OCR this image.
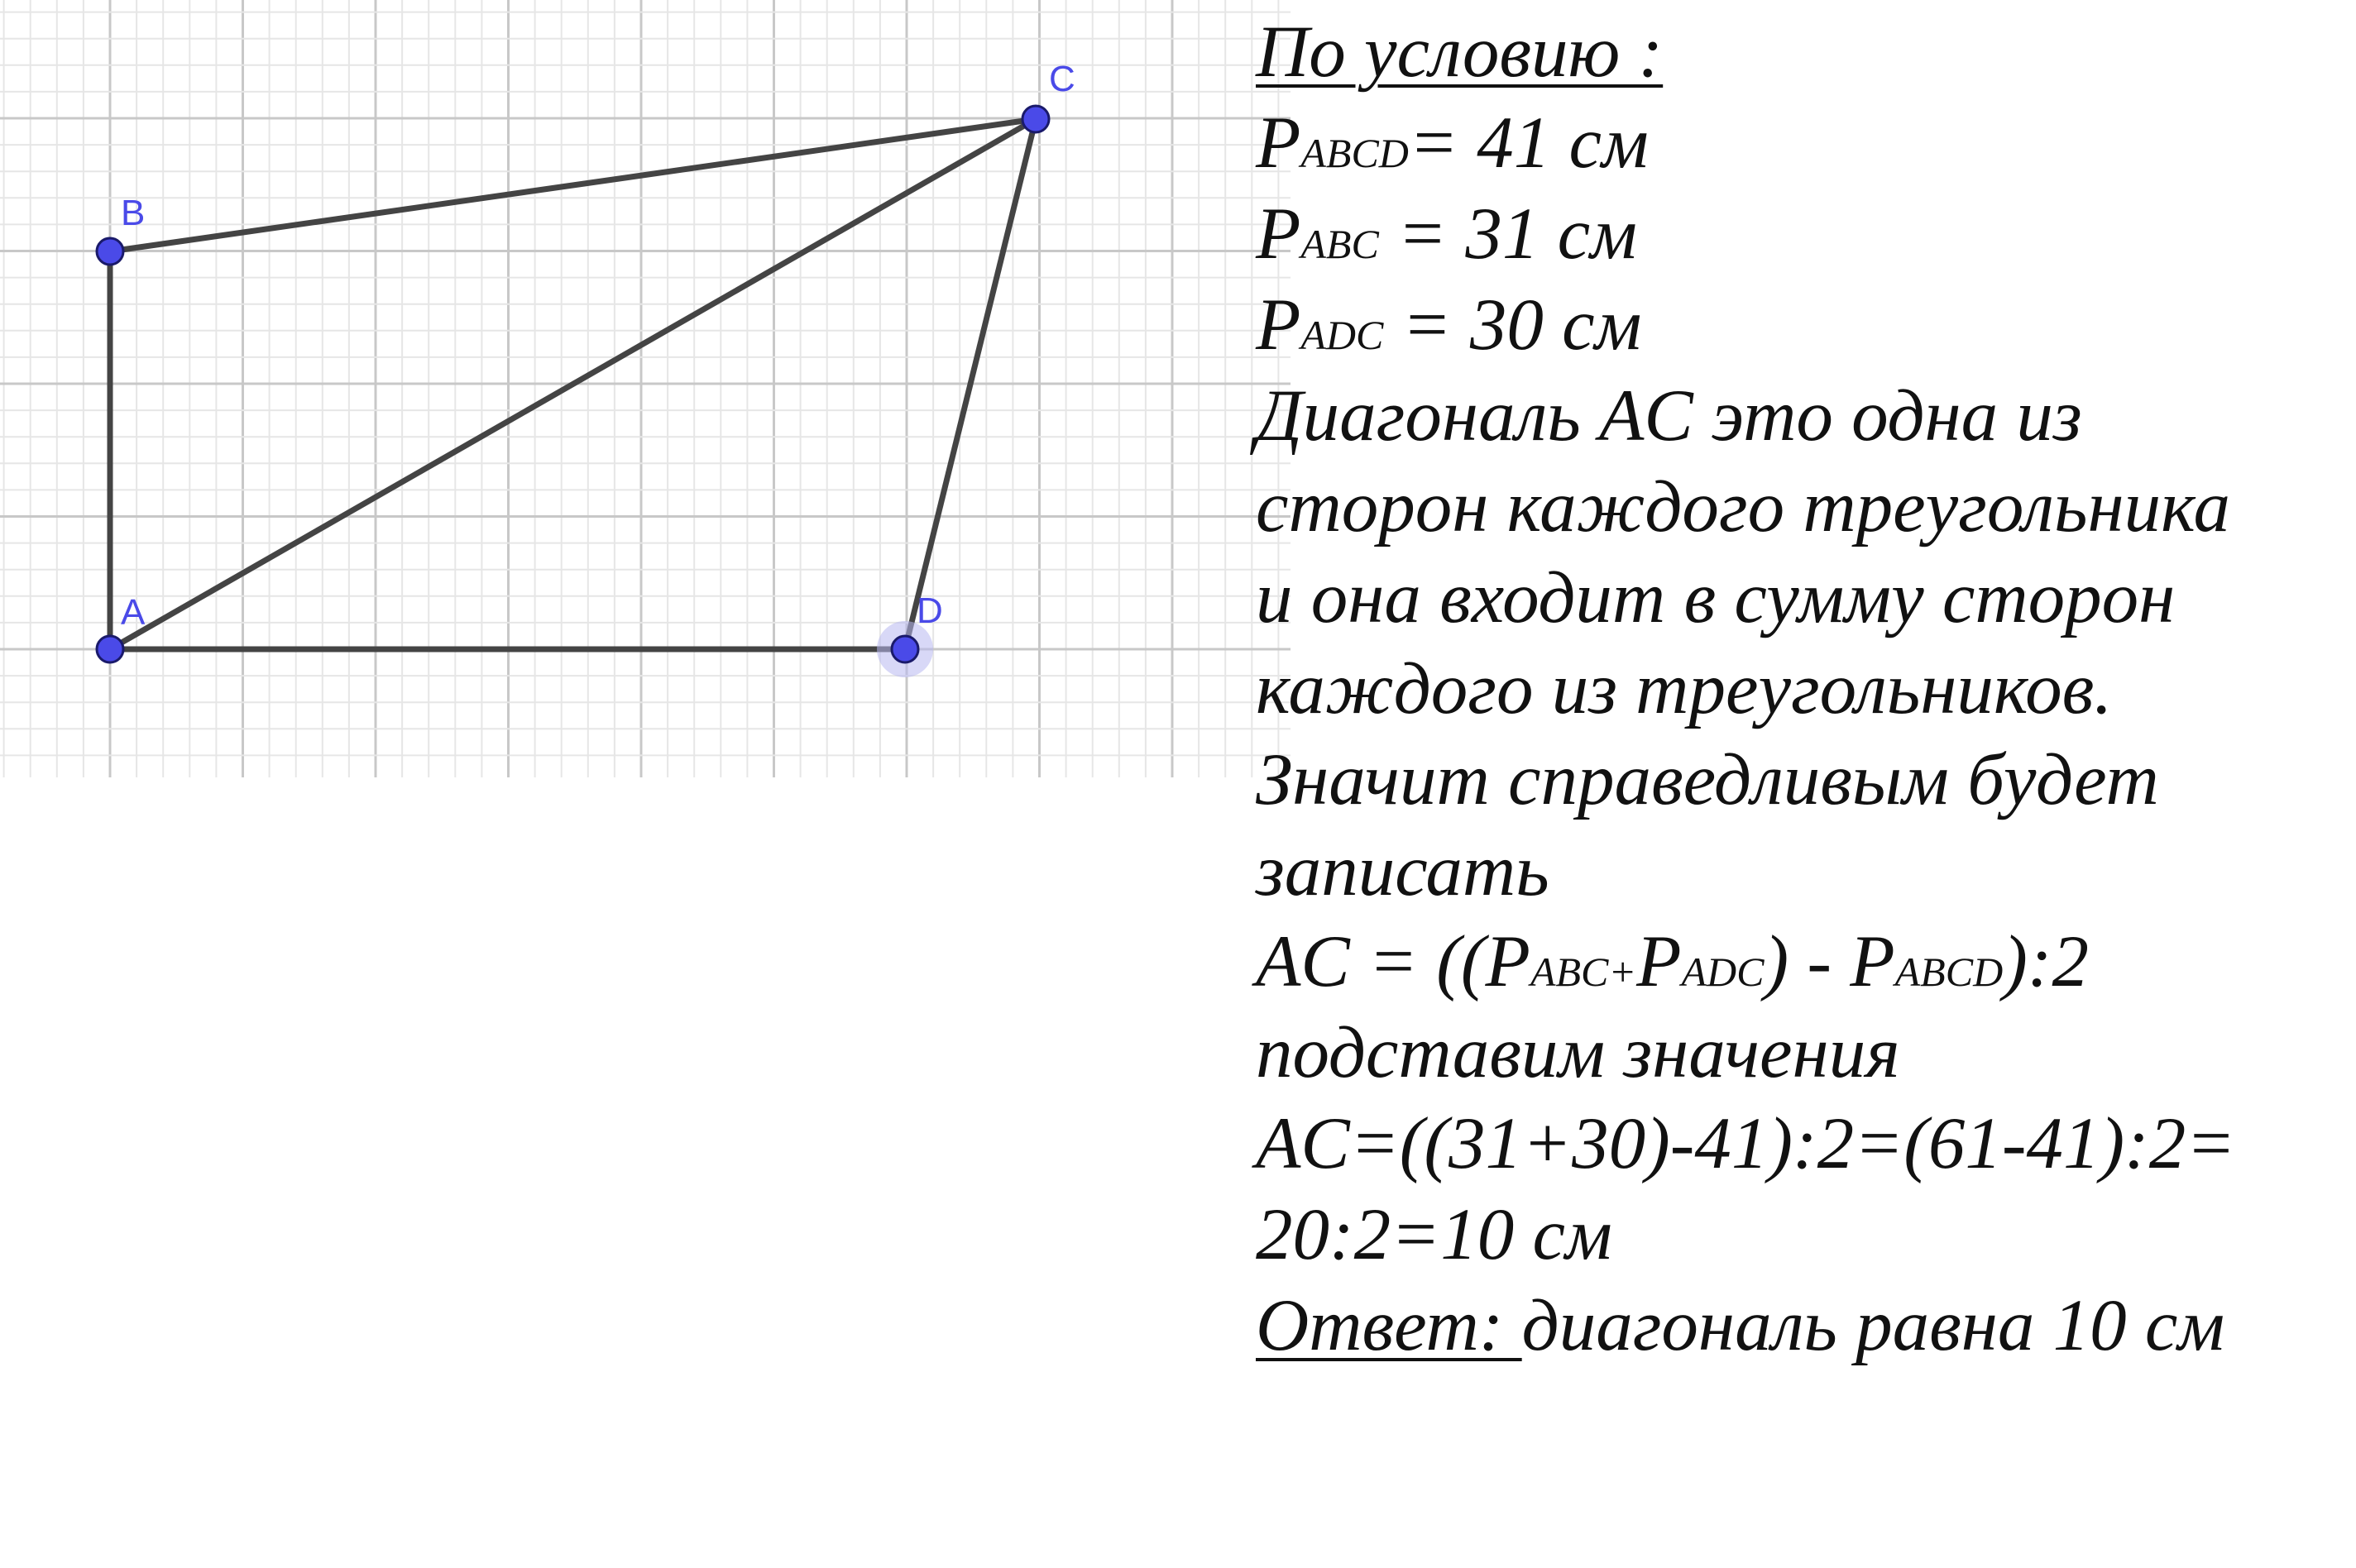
A
B
C
D
По условию :
PABCD= 41 см
PABC = 31 см
PADC = 30 см
Диагональ AC это одна из
сторон каждого треугольника
и она входит в сумму сторон
каждого из треугольников.
Значит справедливым будет
записать
AC = ((PABC+PADC) - PABCD):2
подставим значения
AC=((31+30)-41):2=(61-41):2=
20:2=10 см
Ответ: диагональ равна 10 см
